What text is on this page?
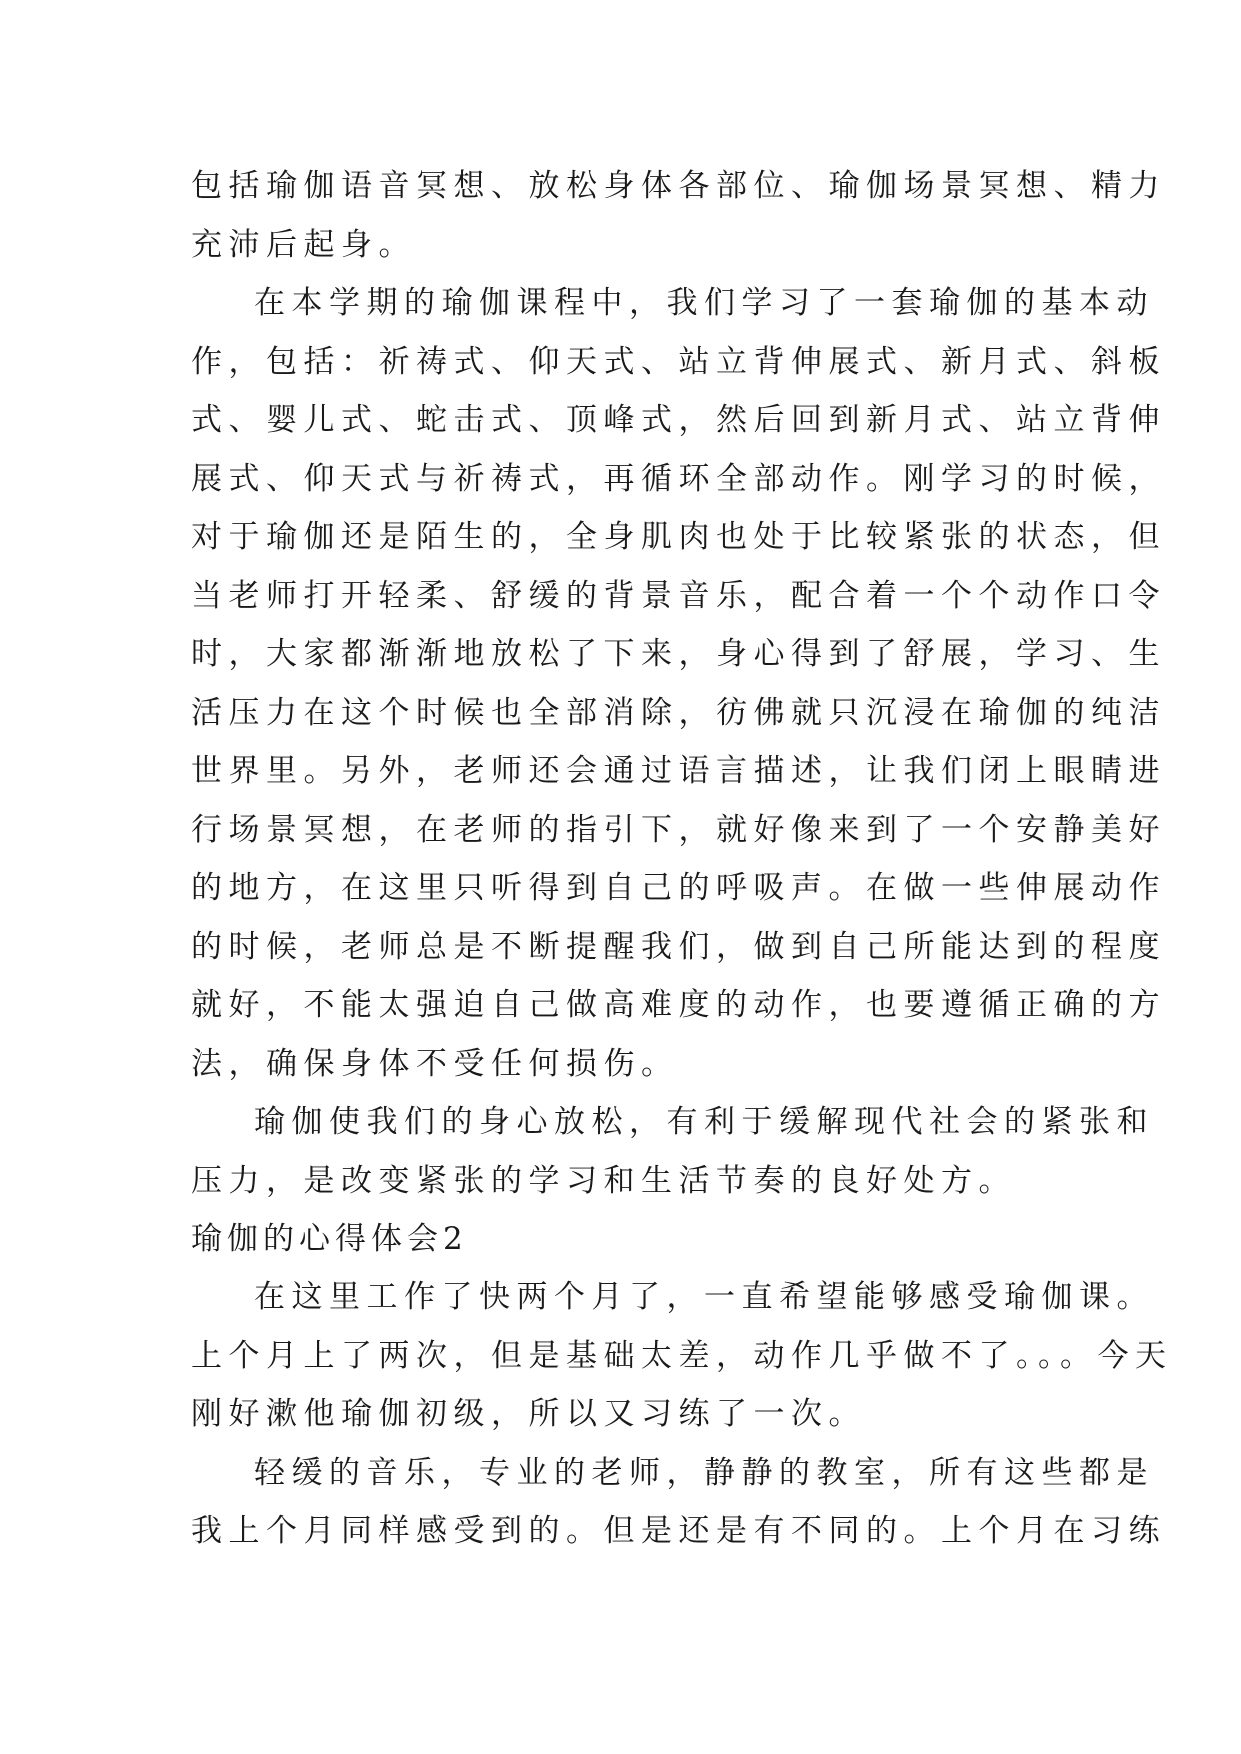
包括瑜伽语音冥想、放松身体各部位、瑜伽场景冥想、精力
充沛后起身。
在本学期的瑜伽课程中，我们学习了一套瑜伽的基本动
作，包括：祈祷式、仰天式、站立背伸展式、新月式、斜板
式、婴儿式、蛇击式、顶峰式，然后回到新月式、站立背伸
展式、仰天式与祈祷式，再循环全部动作。刚学习的时候，
对于瑜伽还是陌生的，全身肌肉也处于比较紧张的状态，但
当老师打开轻柔、舒缓的背景音乐，配合着一个个动作口令
时，大家都渐渐地放松了下来，身心得到了舒展，学习、生
活压力在这个时候也全部消除，彷佛就只沉浸在瑜伽的纯洁
世界里。另外，老师还会通过语言描述，让我们闭上眼睛进
行场景冥想，在老师的指引下，就好像来到了一个安静美好
的地方，在这里只听得到自己的呼吸声。在做一些伸展动作
的时候，老师总是不断提醒我们，做到自己所能达到的程度
就好，不能太强迫自己做高难度的动作，也要遵循正确的方
法，确保身体不受任何损伤。
瑜伽使我们的身心放松，有利于缓解现代社会的紧张和
压力，是改变紧张的学习和生活节奏的良好处方。
瑜伽的心得体会2
在这里工作了快两个月了，一直希望能够感受瑜伽课。
上个月上了两次，但是基础太差，动作几乎做不了。。。今天
刚好漱他瑜伽初级，所以又习练了一次。
轻缓的音乐，专业的老师，静静的教室，所有这些都是
我上个月同样感受到的。但是还是有不同的。上个月在习练
